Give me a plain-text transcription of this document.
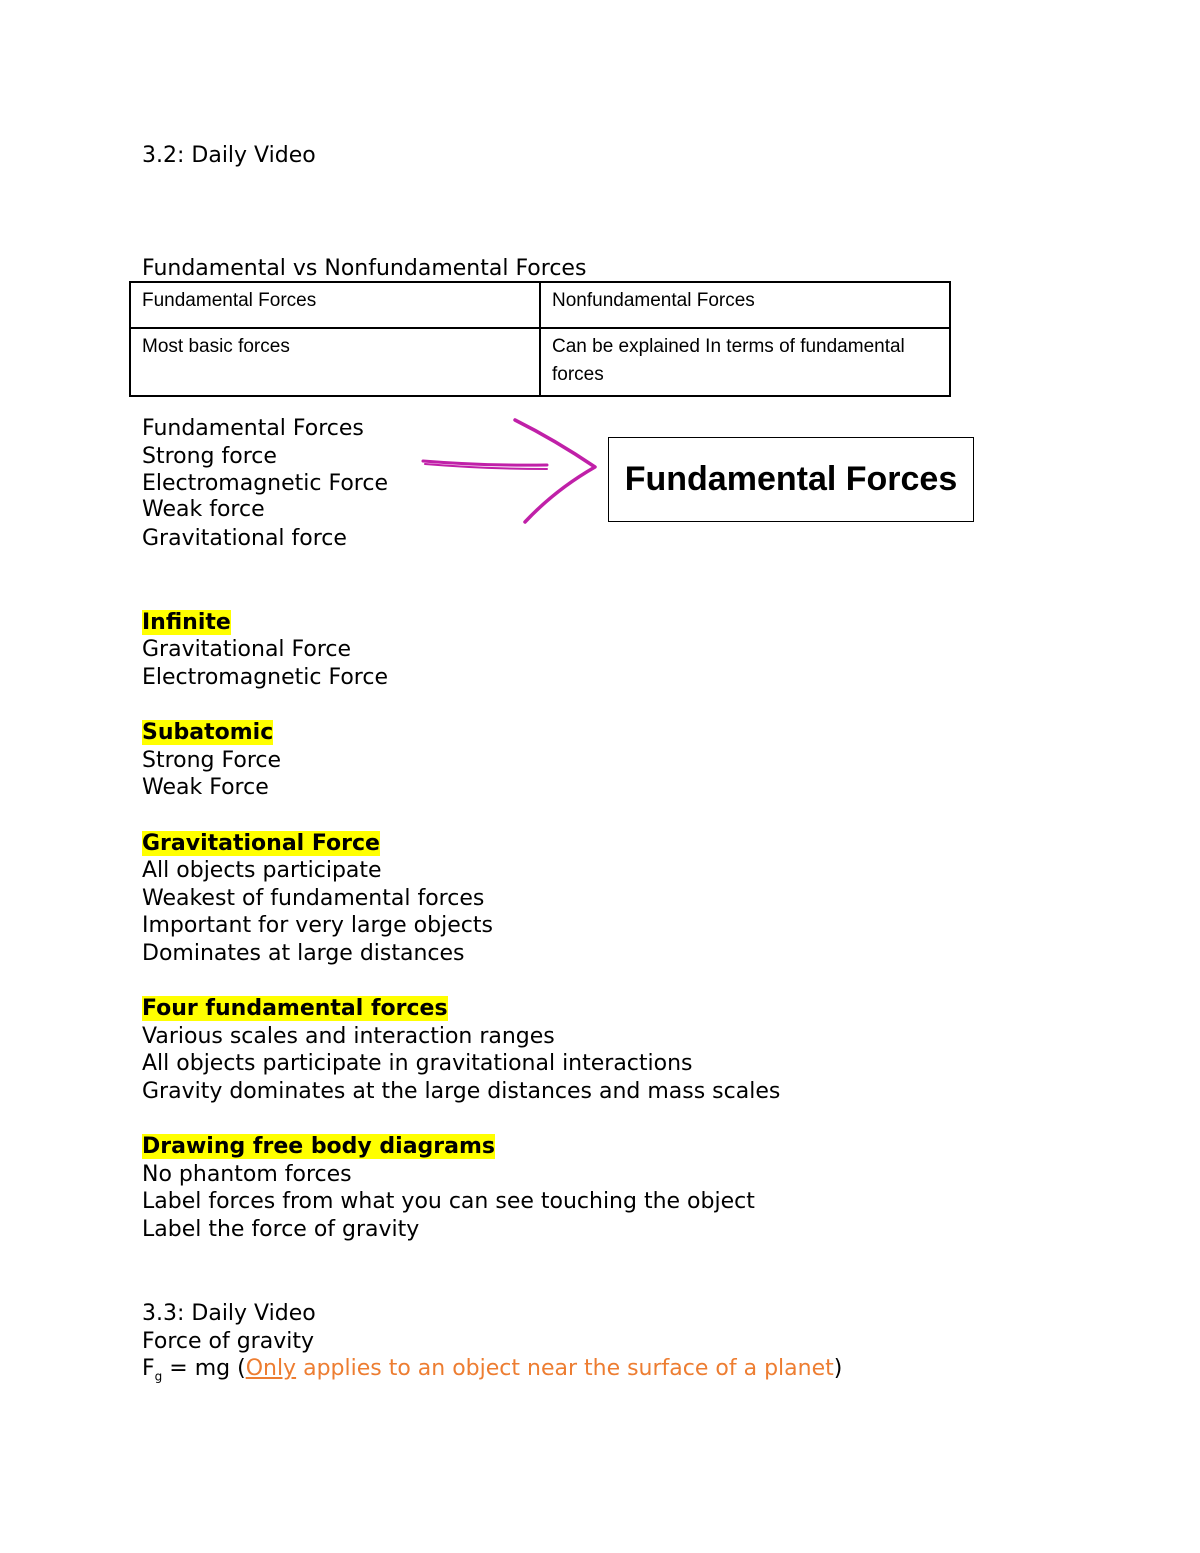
3.2: Daily Video
Fundamental vs Nonfundamental Forces
Fundamental Forces	Nonfundamental Forces
Most basic forces	Can be explained In terms of fundamental forces
Fundamental Forces
Strong force
Electromagnetic Force
Weak force
Gravitational force
Fundamental Forces
Infinite
Gravitational Force
Electromagnetic Force
Subatomic
Strong Force
Weak Force
Gravitational Force
All objects participate
Weakest of fundamental forces
Important for very large objects
Dominates at large distances
Four fundamental forces
Various scales and interaction ranges
All objects participate in gravitational interactions
Gravity dominates at the large distances and mass scales
Drawing free body diagrams
No phantom forces
Label forces from what you can see touching the object
Label the force of gravity
3.3: Daily Video
Force of gravity
$F_g$ = mg (Only applies to an object near the surface of a planet)
